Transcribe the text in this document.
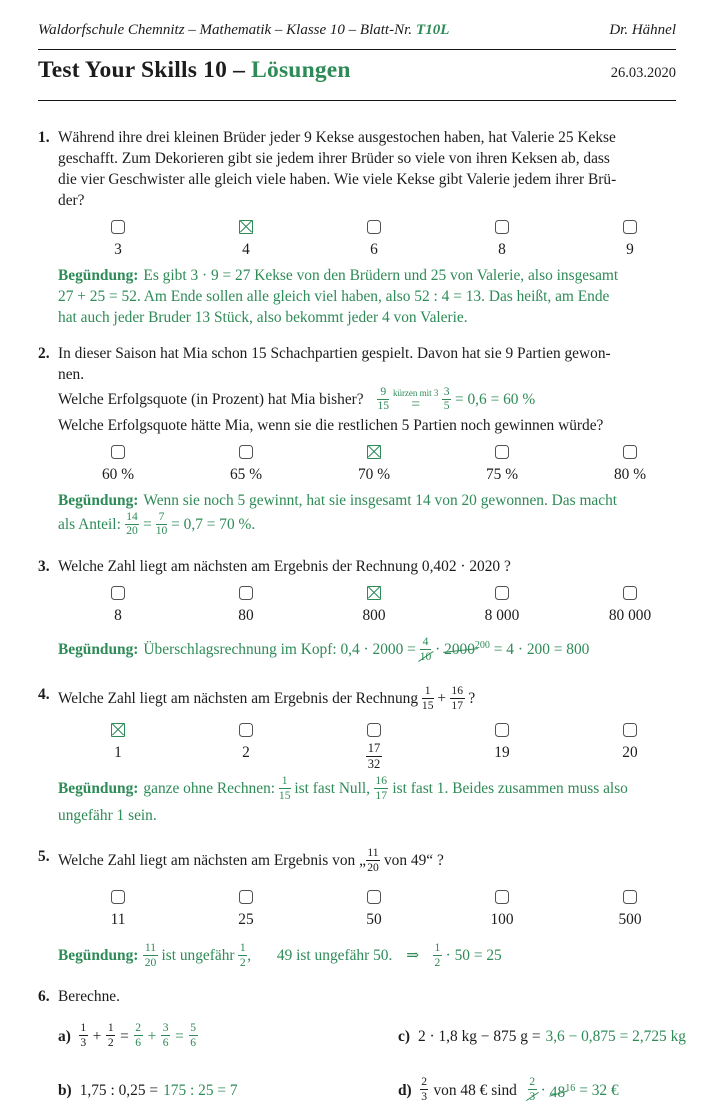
Waldorfschule Chemnitz – Mathematik – Klasse 10 – Blatt-Nr. T10L	Dr. Hähnel
Test Your Skills 10 – Lösungen	26.03.2020
1. Während ihre drei kleinen Brüder jeder 9 Kekse ausgestochen haben, hat Valerie 25 Kekse
geschafft. Zum Dekorieren gibt sie jedem ihrer Brüder so viele von ihren Keksen ab, dass
die vier Geschwister alle gleich viele haben. Wie viele Kekse gibt Valerie jedem ihrer Brü-
der?
3	4	6	8	9
Begündung: Es gibt 3 · 9 = 27 Kekse von den Brüdern und 25 von Valerie, also insgesamt
27 + 25 = 52. Am Ende sollen alle gleich viel haben, also 52 : 4 = 13. Das heißt, am Ende
hat auch jeder Bruder 13 Stück, also bekommt jeder 4 von Valerie.
2. In dieser Saison hat Mia schon 15 Schachpartien gespielt. Davon hat sie 9 Partien gewon-
nen.
Welche Erfolgsquote (in Prozent) hat Mia bisher? $\frac{9}{15}$
kürzen mit 3
= $\frac{3}{5} = 0,6 = 60$ %
Welche Erfolgsquote hätte Mia, wenn sie die restlichen 5 Partien noch gewinnen würde?
60 %	65 %	70 %	75 %	80 %
Begündung: Wenn sie noch 5 gewinnt, hat sie insgesamt 14 von 20 gewonnen. Das macht
als Anteil: $\frac{14}{20} = \frac{7}{10} = 0,7 = 70$ %.
3. Welche Zahl liegt am nächsten am Ergebnis der Rechnung 0,402 · 2020 ?
8	80	800	8 000	80 000
Begündung: Überschlagsrechnung im Kopf: $0,4 \cdot 2000 = \frac{4}{10} \cdot 2000^{200} = 4 \cdot 200 = 800$
4. Welche Zahl liegt am nächsten am Ergebnis der Rechnung $\frac{1}{15} + \frac{16}{17}$ ?
1	2	$\frac{17}{32}$	19	20
Begündung: ganze ohne Rechnen: $\frac{1}{15}$ ist fast Null, $\frac{16}{17}$ ist fast 1. Beides zusammen muss also
ungefähr 1 sein.
5. Welche Zahl liegt am nächsten am Ergebnis von „ $\frac{11}{20}$ von 49“ ?
11	25	50	100	500
Begündung: $\frac{11}{20}$ ist ungefähr $\frac{1}{2}$ , 49 ist ungefähr 50. ⇒ $\frac{1}{2} \cdot 50 = 25$
6. Berechne.
$a) \frac{1}{3} + \frac{1}{2} = \frac{2}{6} + \frac{3}{6} = \frac{5}{6}$	c) 2 · 1,8 kg − 875 g = 3,6 − 0,875 = 2,725 kg
b) 1,75 : 0,25 = 175 : 25 = 7	$d) \frac{2}{3}$ von 48 € sind $\frac{2}{3} \cdot 48^{16} = 32$ €
